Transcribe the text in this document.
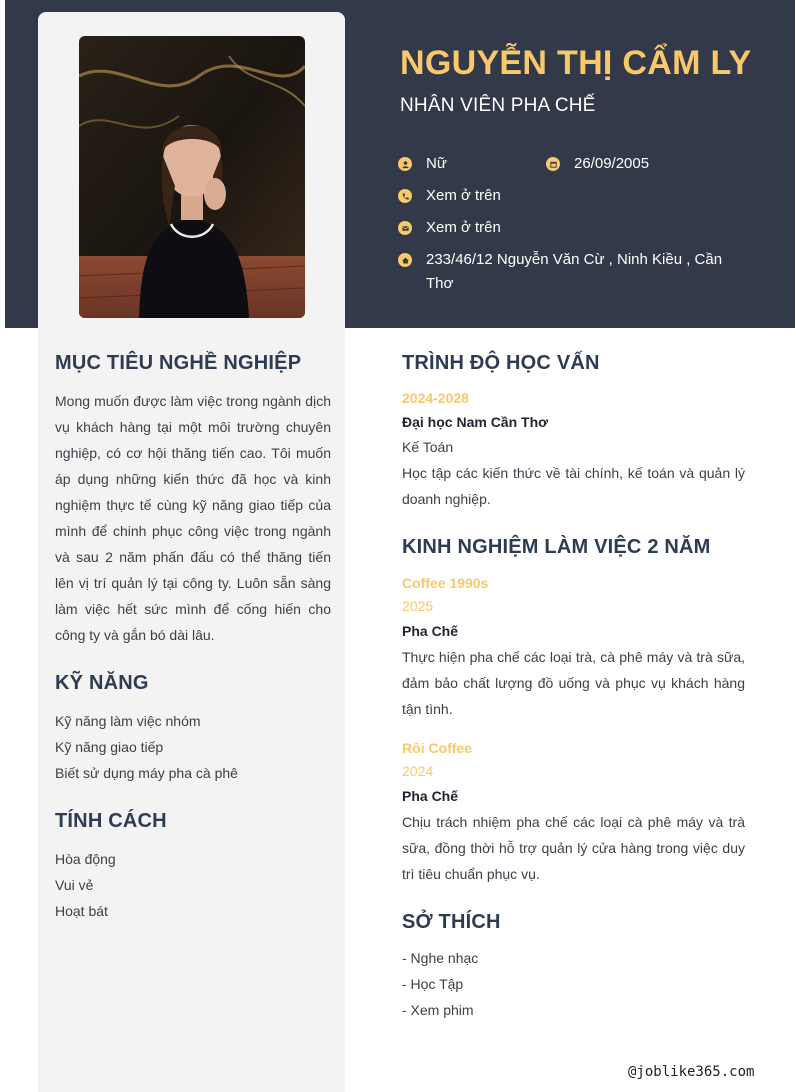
NGUYỄN THỊ CẨM LY
NHÂN VIÊN PHA CHẾ
Nữ	26/09/2005
Xem ở trên
Xem ở trên
233/46/12 Nguyễn Văn Cừ , Ninh Kiều , Cần Thơ
MỤC TIÊU NGHỀ NGHIỆP

Mong muốn được làm việc trong ngành dịch vụ khách hàng tại một môi trường chuyên nghiệp, có cơ hội thăng tiến cao. Tôi muốn áp dụng những kiến thức đã học và kinh nghiệm thực tế cùng kỹ năng giao tiếp của mình để chinh phục công việc trong ngành và sau 2 năm phấn đấu có thể thăng tiến lên vị trí quản lý tại công ty. Luôn sẵn sàng làm việc hết sức mình để cống hiến cho công ty và gắn bó dài lâu.

KỸ NĂNG
Kỹ năng làm việc nhóm
Kỹ năng giao tiếp
Biết sử dụng máy pha cà phê
TÍNH CÁCH
Hòa động
Vui vẻ
Hoạt bát
TRÌNH ĐỘ HỌC VẤN
2024-2028
Đại học Nam Cần Thơ
Kế Toán

Học tập các kiến thức về tài chính, kế toán và quản lý doanh nghiệp.

KINH NGHIỆM LÀM VIỆC 2 NĂM
Coffee 1990s
2025
Pha Chế

Thực hiện pha chế các loại trà, cà phê máy và trà sữa, đảm bảo chất lượng đồ uống và phục vụ khách hàng tận tình.

Rôi Coffee
2024
Pha Chế

Chịu trách nhiệm pha chế các loại cà phê máy và trà sữa, đồng thời hỗ trợ quản lý cửa hàng trong việc duy trì tiêu chuẩn phục vụ.

SỞ THÍCH
- Nghe nhạc
- Học Tập
- Xem phim
@joblike365.com
